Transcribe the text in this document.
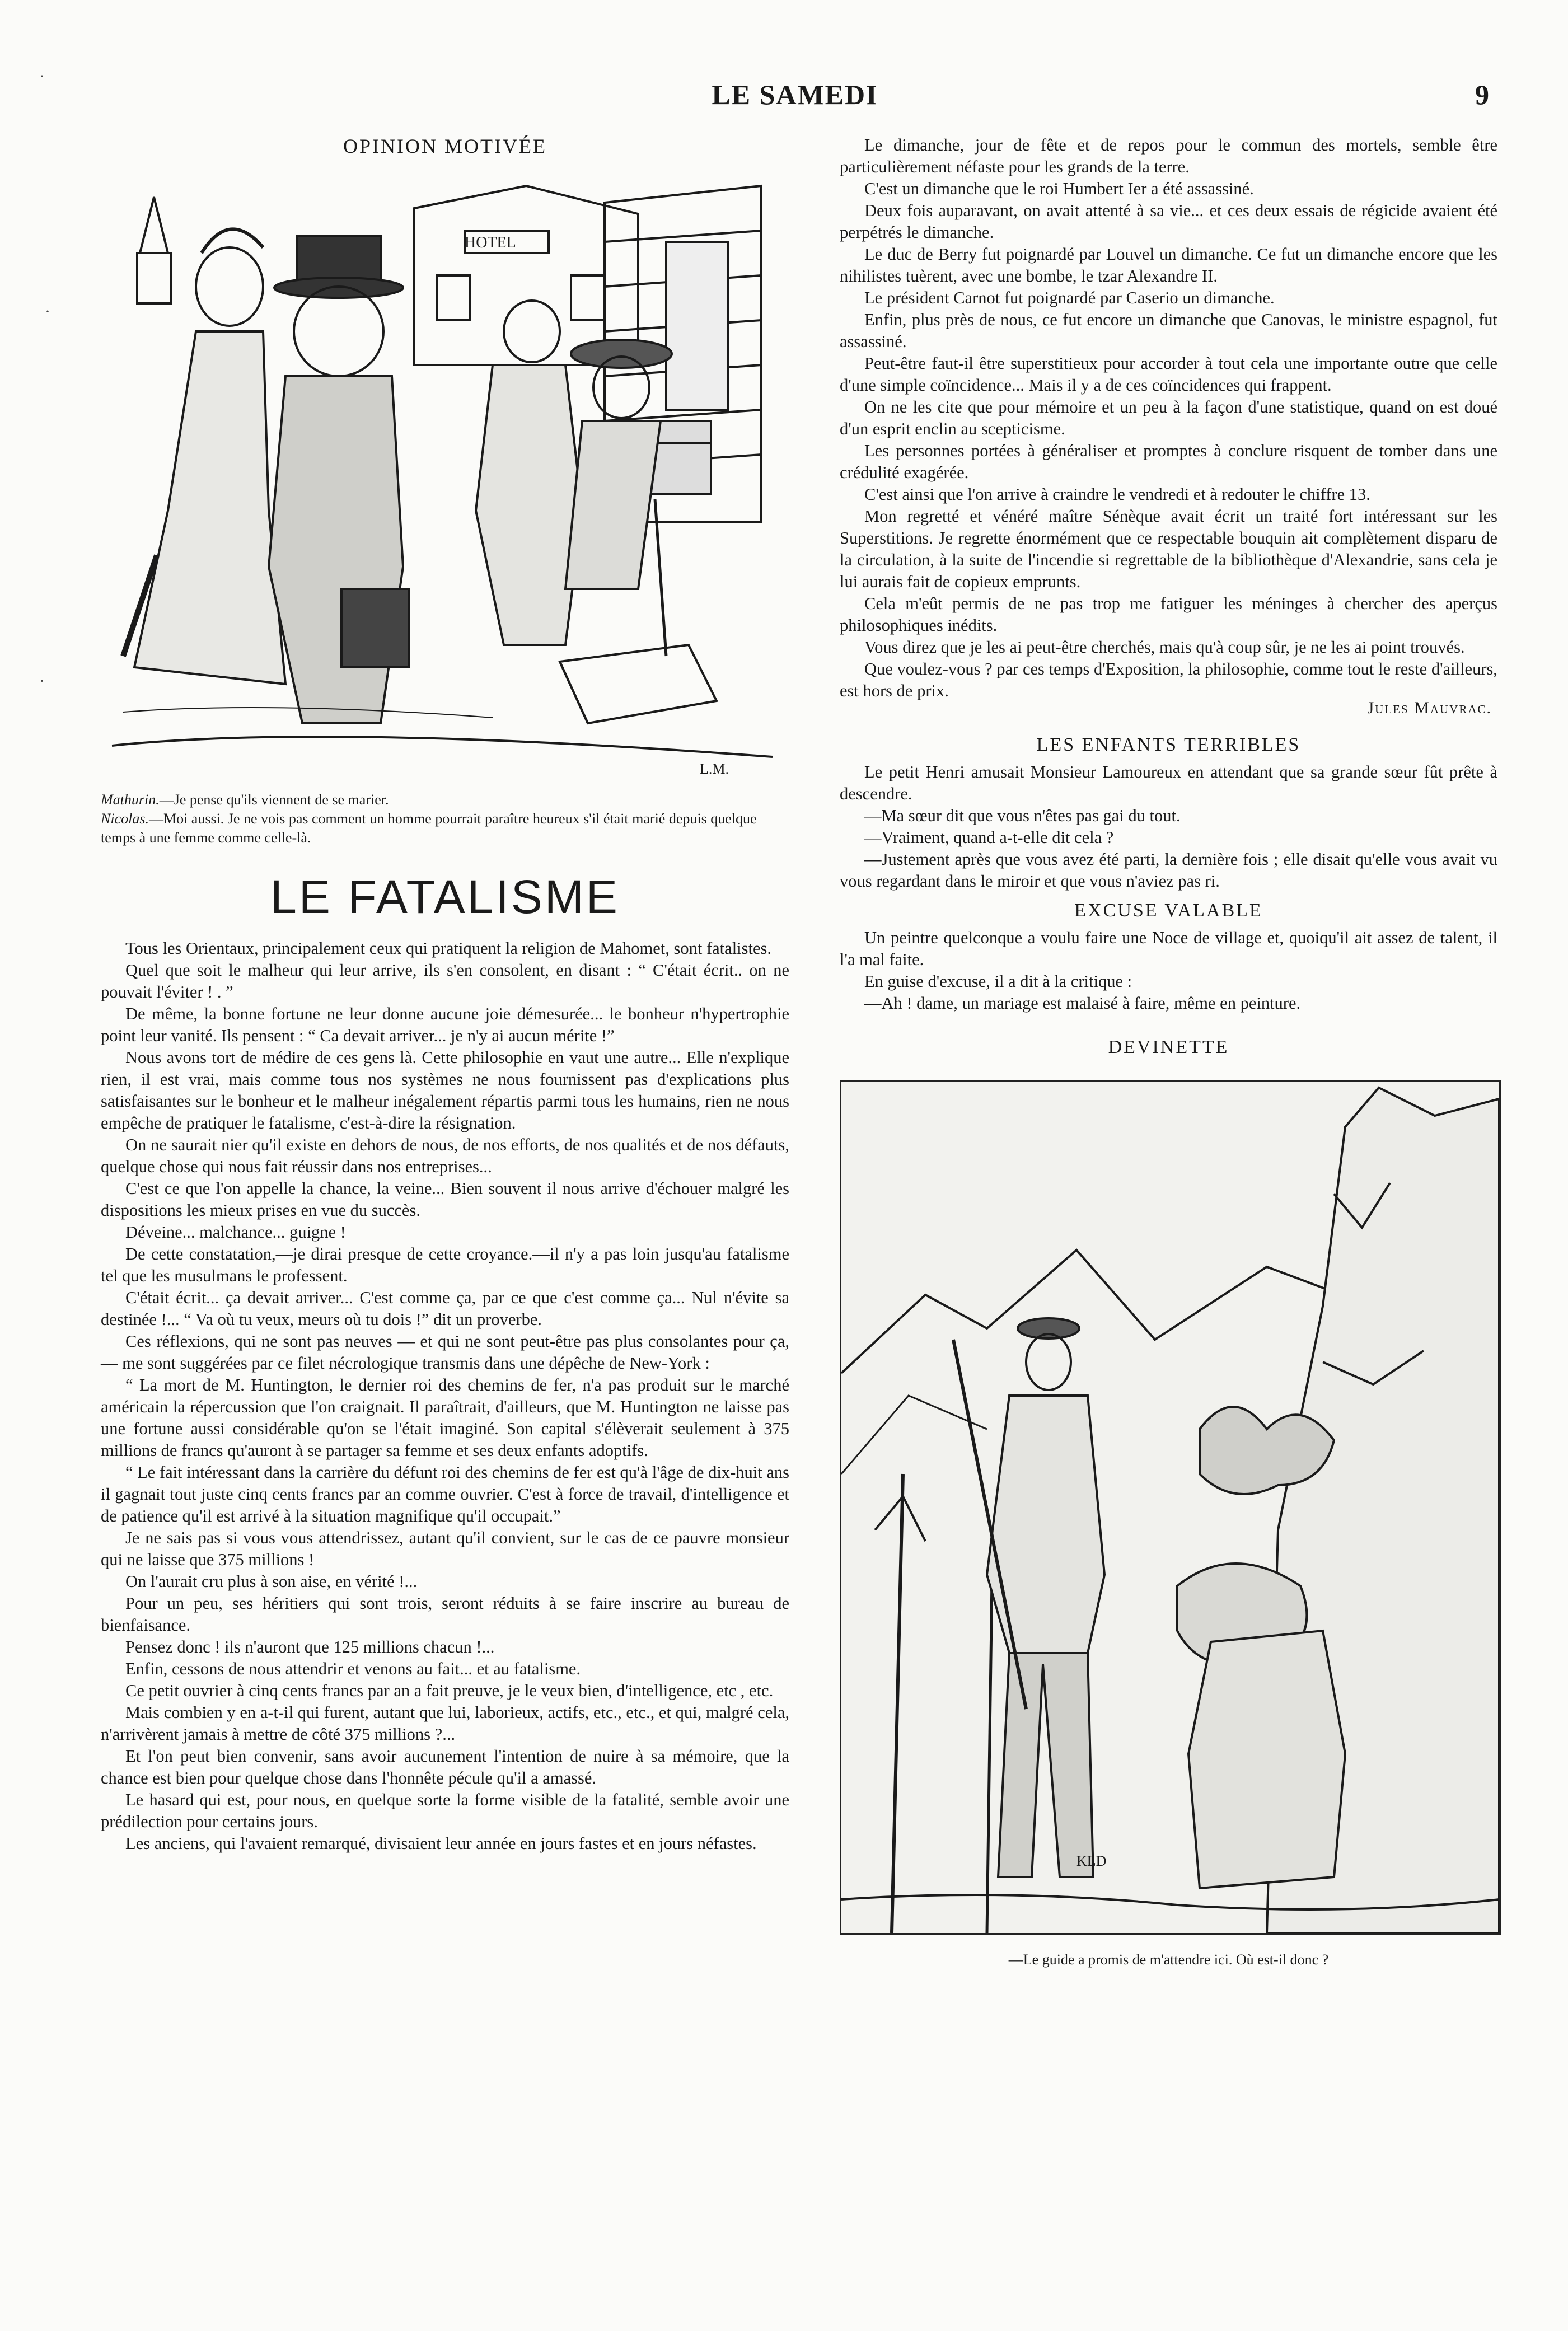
LE SAMEDI	9
·
·
·
OPINION MOTIVÉE
HOTEL
L.M.
Mathurin.—Je pense qu'ils viennent de se marier.
Nicolas.—Moi aussi. Je ne vois pas comment un homme pourrait paraître heureux s'il était marié depuis quelque temps à une femme comme celle-là.
LE FATALISME

Tous les Orientaux, principalement ceux qui pratiquent la religion de Mahomet, sont fatalistes.

Quel que soit le malheur qui leur arrive, ils s'en consolent, en disant : “ C'était écrit.. on ne pouvait l'éviter ! . ”

De même, la bonne fortune ne leur donne aucune joie démesurée... le bonheur n'hypertrophie point leur vanité. Ils pensent : “ Ca devait arriver... je n'y ai aucun mérite !”

Nous avons tort de médire de ces gens là. Cette philosophie en vaut une autre... Elle n'explique rien, il est vrai, mais comme tous nos systèmes ne nous fournissent pas d'explications plus satisfaisantes sur le bonheur et le malheur inégalement répartis parmi tous les humains, rien ne nous empêche de pratiquer le fatalisme, c'est-à-dire la résignation.

On ne saurait nier qu'il existe en dehors de nous, de nos efforts, de nos qualités et de nos défauts, quelque chose qui nous fait réussir dans nos entreprises...

C'est ce que l'on appelle la chance, la veine... Bien souvent il nous arrive d'échouer malgré les dispositions les mieux prises en vue du succès.

Déveine... malchance... guigne !

De cette constatation,—je dirai presque de cette croyance.—il n'y a pas loin jusqu'au fatalisme tel que les musulmans le professent.

C'était écrit... ça devait arriver... C'est comme ça, par ce que c'est comme ça... Nul n'évite sa destinée !... “ Va où tu veux, meurs où tu dois !” dit un proverbe.

Ces réflexions, qui ne sont pas neuves — et qui ne sont peut-être pas plus consolantes pour ça, — me sont suggérées par ce filet nécrologique transmis dans une dépêche de New-York :

“ La mort de M. Huntington, le dernier roi des chemins de fer, n'a pas produit sur le marché américain la répercussion que l'on craignait. Il paraîtrait, d'ailleurs, que M. Huntington ne laisse pas une fortune aussi considérable qu'on se l'était imaginé. Son capital s'élèverait seulement à 375 millions de francs qu'auront à se partager sa femme et ses deux enfants adoptifs.

“ Le fait intéressant dans la carrière du défunt roi des chemins de fer est qu'à l'âge de dix-huit ans il gagnait tout juste cinq cents francs par an comme ouvrier. C'est à force de travail, d'intelligence et de patience qu'il est arrivé à la situation magnifique qu'il occupait.”

Je ne sais pas si vous vous attendrissez, autant qu'il convient, sur le cas de ce pauvre monsieur qui ne laisse que 375 millions !

On l'aurait cru plus à son aise, en vérité !...

Pour un peu, ses héritiers qui sont trois, seront réduits à se faire inscrire au bureau de bienfaisance.

Pensez donc ! ils n'auront que 125 millions chacun !...

Enfin, cessons de nous attendrir et venons au fait... et au fatalisme.

Ce petit ouvrier à cinq cents francs par an a fait preuve, je le veux bien, d'intelligence, etc , etc.

Mais combien y en a-t-il qui furent, autant que lui, laborieux, actifs, etc., etc., et qui, malgré cela, n'arrivèrent jamais à mettre de côté 375 millions ?...

Et l'on peut bien convenir, sans avoir aucunement l'intention de nuire à sa mémoire, que la chance est bien pour quelque chose dans l'honnête pécule qu'il a amassé.

Le hasard qui est, pour nous, en quelque sorte la forme visible de la fatalité, semble avoir une prédilection pour certains jours.

Les anciens, qui l'avaient remarqué, divisaient leur année en jours fastes et en jours néfastes.

Le dimanche, jour de fête et de repos pour le commun des mortels, semble être particulièrement néfaste pour les grands de la terre.

C'est un dimanche que le roi Humbert Ier a été assassiné.

Deux fois auparavant, on avait attenté à sa vie... et ces deux essais de régicide avaient été perpétrés le dimanche.

Le duc de Berry fut poignardé par Louvel un dimanche. Ce fut un dimanche encore que les nihilistes tuèrent, avec une bombe, le tzar Alexandre II.

Le président Carnot fut poignardé par Caserio un dimanche.

Enfin, plus près de nous, ce fut encore un dimanche que Canovas, le ministre espagnol, fut assassiné.

Peut-être faut-il être superstitieux pour accorder à tout cela une importante outre que celle d'une simple coïncidence... Mais il y a de ces coïncidences qui frappent.

On ne les cite que pour mémoire et un peu à la façon d'une statistique, quand on est doué d'un esprit enclin au scepticisme.

Les personnes portées à généraliser et promptes à conclure risquent de tomber dans une crédulité exagérée.

C'est ainsi que l'on arrive à craindre le vendredi et à redouter le chiffre 13.

Mon regretté et vénéré maître Sénèque avait écrit un traité fort intéressant sur les Superstitions. Je regrette énormément que ce respectable bouquin ait complètement disparu de la circulation, à la suite de l'incendie si regrettable de la bibliothèque d'Alexandrie, sans cela je lui aurais fait de copieux emprunts.

Cela m'eût permis de ne pas trop me fatiguer les méninges à chercher des aperçus philosophiques inédits.

Vous direz que je les ai peut-être cherchés, mais qu'à coup sûr, je ne les ai point trouvés.

Que voulez-vous ? par ces temps d'Exposition, la philosophie, comme tout le reste d'ailleurs, est hors de prix.

Jules Mauvrac.
LES ENFANTS TERRIBLES

Le petit Henri amusait Monsieur Lamoureux en attendant que sa grande sœur fût prête à descendre.

—Ma sœur dit que vous n'êtes pas gai du tout.

—Vraiment, quand a-t-elle dit cela ?

—Justement après que vous avez été parti, la dernière fois ; elle disait qu'elle vous avait vu vous regardant dans le miroir et que vous n'aviez pas ri.

EXCUSE VALABLE

Un peintre quelconque a voulu faire une Noce de village et, quoiqu'il ait assez de talent, il l'a mal faite.

En guise d'excuse, il a dit à la critique :

—Ah ! dame, un mariage est malaisé à faire, même en peinture.

DEVINETTE
KLD
—Le guide a promis de m'attendre ici. Où est-il donc ?
